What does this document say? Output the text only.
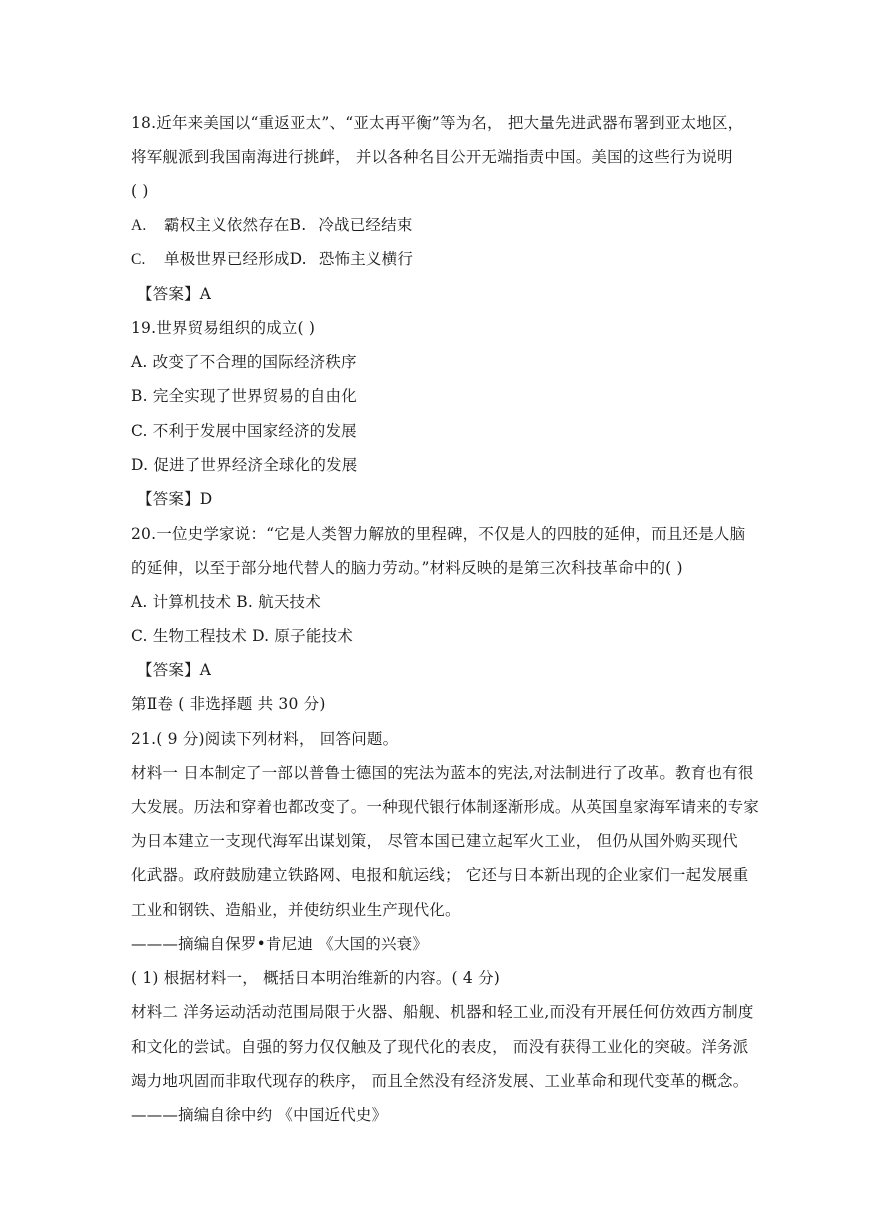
18.近年来美国以“重返亚太”、“亚太再平衡”等为名， 把大量先进武器布署到亚太地区，
将军舰派到我国南海进行挑衅， 并以各种名目公开无端指责中国。美国的这些行为说明
( )
A. 霸权主义依然存在B. 冷战已经结束
C. 单极世界已经形成D. 恐怖主义横行
【答案】A
19.世界贸易组织的成立( )
A. 改变了不合理的国际经济秩序
B. 完全实现了世界贸易的自由化
C. 不利于发展中国家经济的发展
D. 促进了世界经济全球化的发展
【答案】D
20.一位史学家说：“它是人类智力解放的里程碑，不仅是人的四肢的延伸，而且还是人脑
的延伸，以至于部分地代替人的脑力劳动。”材料反映的是第三次科技革命中的( )
A. 计算机技术 B. 航天技术
C. 生物工程技术 D. 原子能技术
【答案】A
第Ⅱ卷 ( 非选择题 共 30 分)
21.( 9 分)阅读下列材料， 回答问题。
材料一 日本制定了一部以普鲁士德国的宪法为蓝本的宪法,对法制进行了改革。教育也有很
大发展。历法和穿着也都改变了。一种现代银行体制逐渐形成。从英国皇家海军请来的专家
为日本建立一支现代海军出谋划策， 尽管本国已建立起军火工业， 但仍从国外购买现代
化武器。政府鼓励建立铁路网、电报和航运线； 它还与日本新出现的企业家们一起发展重
工业和钢铁、造船业，并使纺织业生产现代化。
———摘编自保罗•肯尼迪 《大国的兴衰》
( 1) 根据材料一， 概括日本明治维新的内容。( 4 分)
材料二 洋务运动活动范围局限于火器、船舰、机器和轻工业,而没有开展任何仿效西方制度
和文化的尝试。自强的努力仅仅触及了现代化的表皮， 而没有获得工业化的突破。洋务派
竭力地巩固而非取代现存的秩序， 而且全然没有经济发展、工业革命和现代变革的概念。
———摘编自徐中约 《中国近代史》
